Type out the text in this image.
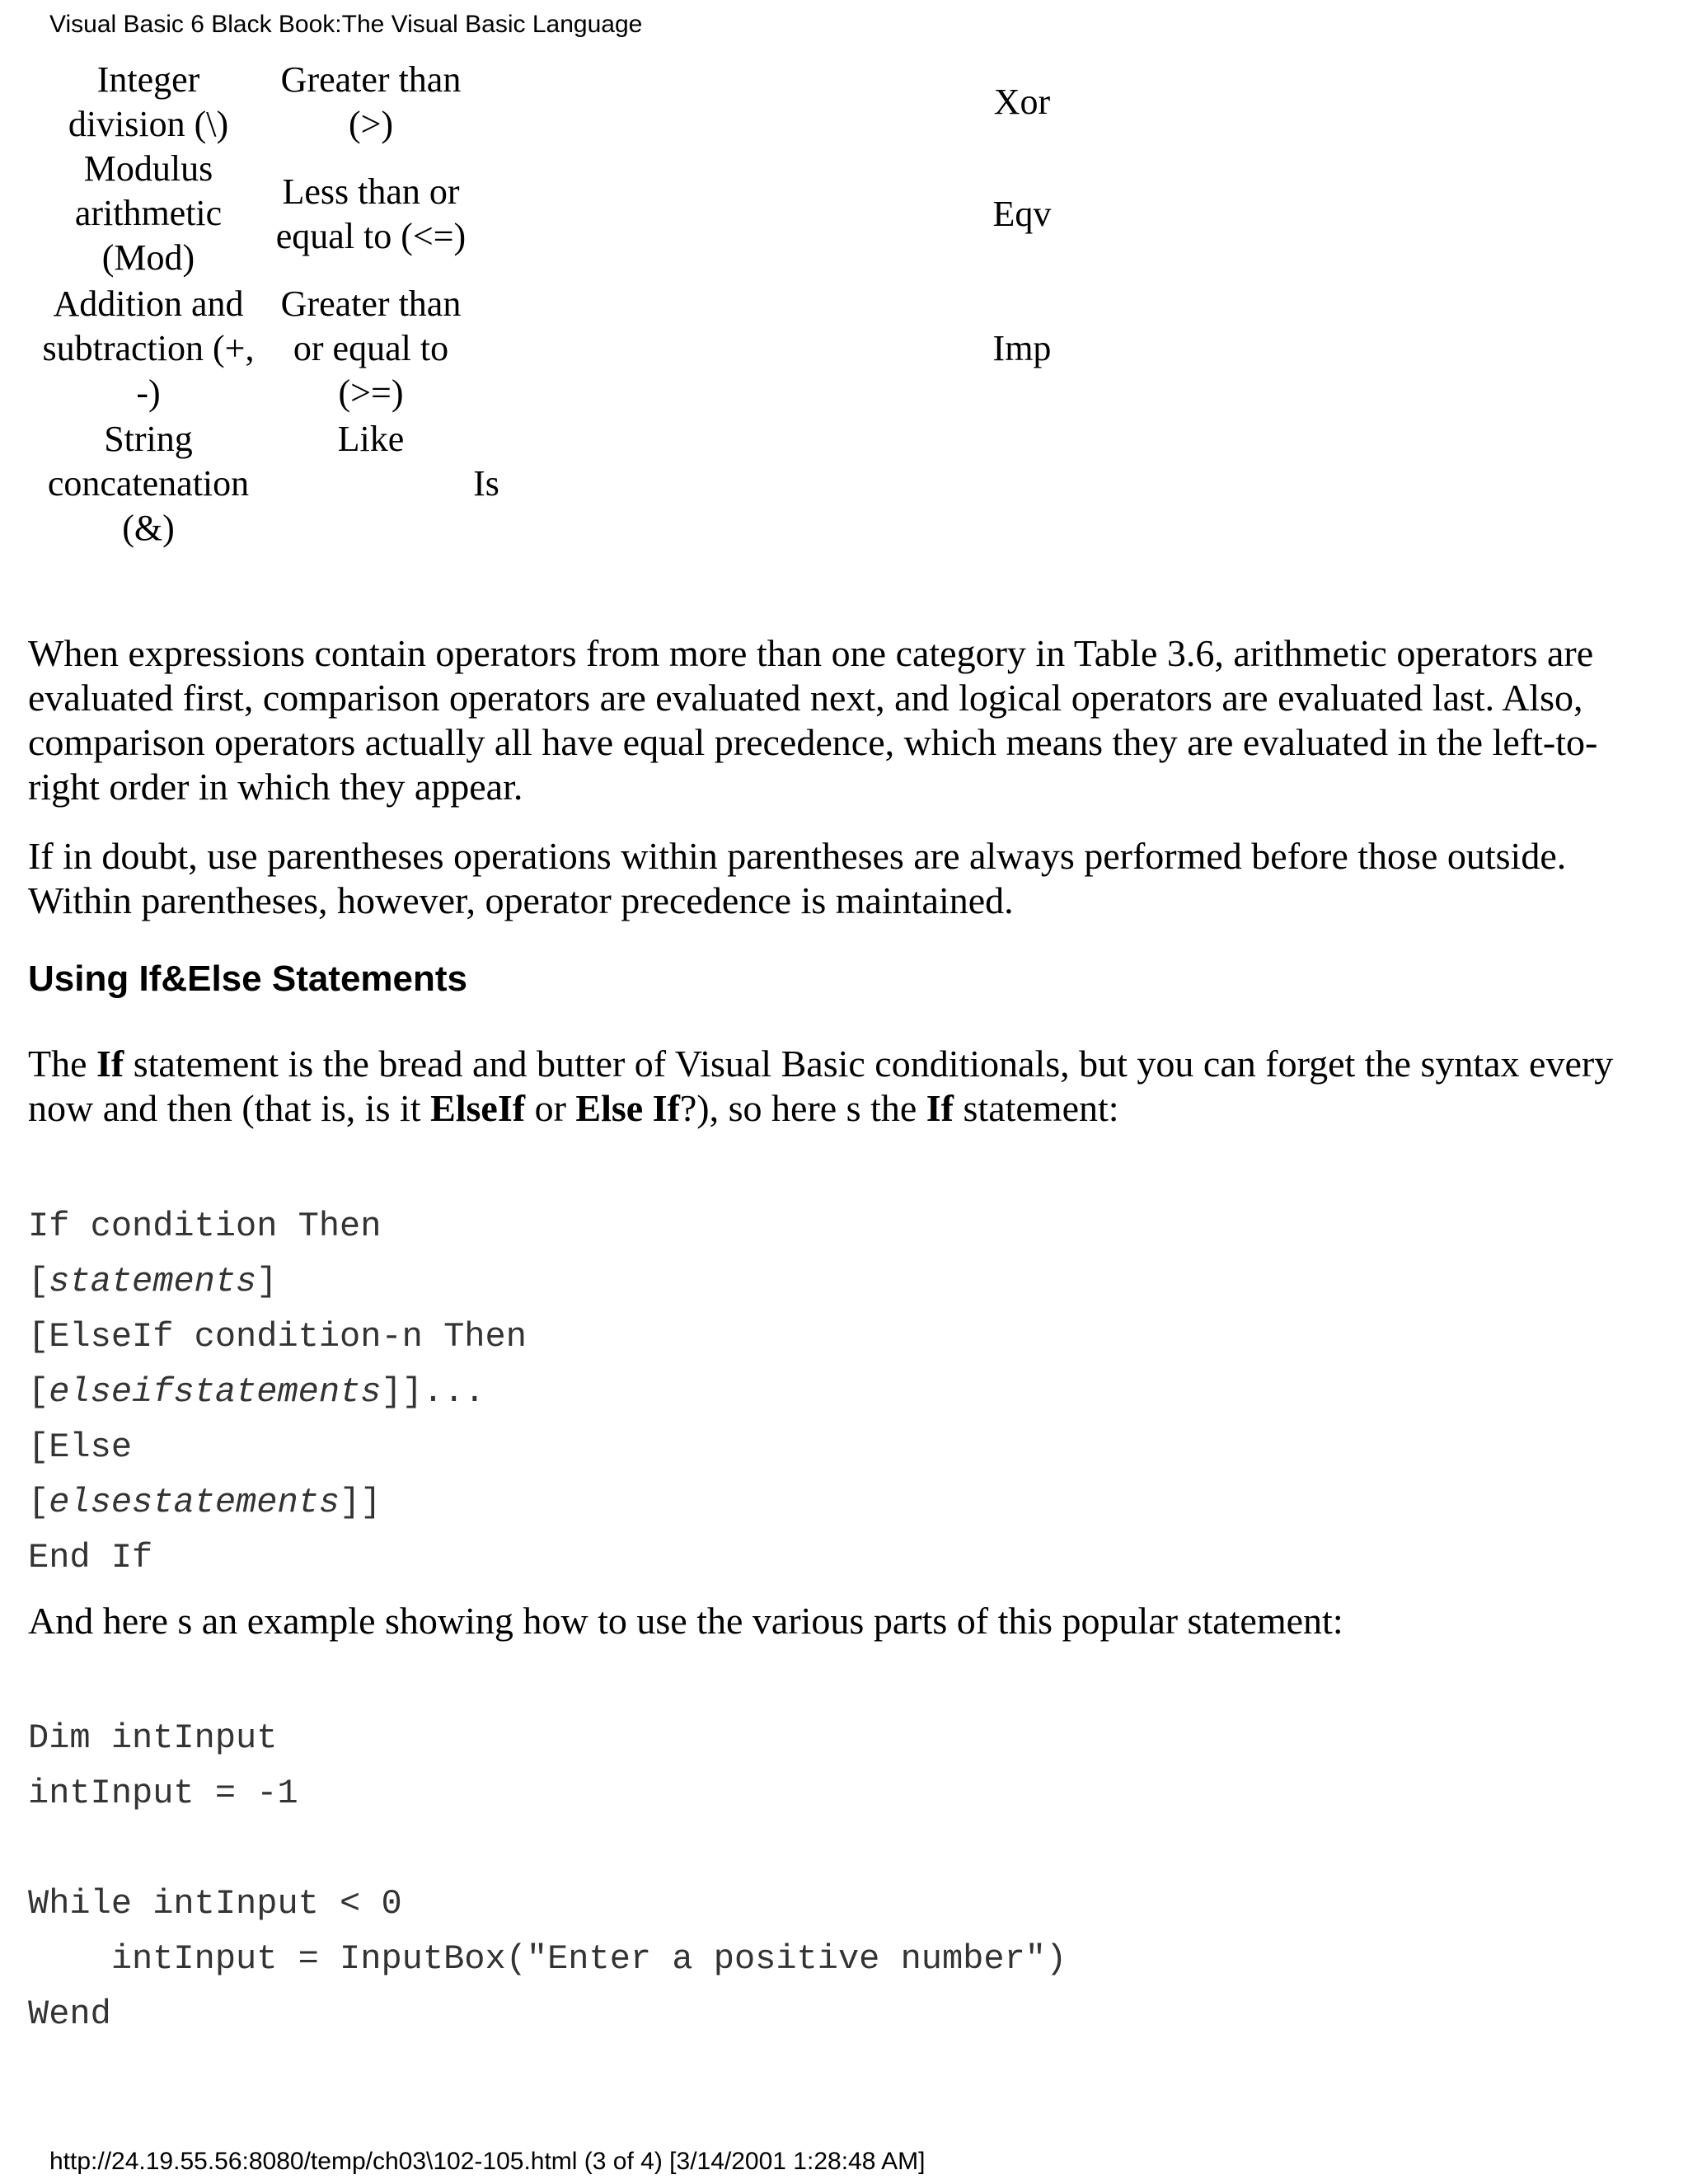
Visual Basic 6 Black Book:The Visual Basic Language
Integer
division (\)
Modulus
arithmetic
(Mod)
Addition and
subtraction (+,
-)
String
concatenation
(&)
Greater than
(>)
Less than or
equal to (<=)
Greater than
or equal to
(>=)
Like
Is
Xor
Eqv
Imp

When expressions contain operators from more than one category in Table 3.6, arithmetic operators are evaluated first, comparison operators are evaluated next, and logical operators are evaluated last. Also, comparison operators actually all have equal precedence, which means they are evaluated in the left-to-right order in which they appear.

If in doubt, use parentheses operations within parentheses are always performed before those outside. Within parentheses, however, operator precedence is maintained.

Using If&Else Statements

The If statement is the bread and butter of Visual Basic conditionals, but you can forget the syntax every now and then (that is, is it ElseIf or Else If?), so here s the If statement:

If condition Then
[statements]
[ElseIf condition-n Then
[elseifstatements]]...
[Else
[elsestatements]]
End If

And here s an example showing how to use the various parts of this popular statement:

Dim intInput
intInput = -1
While intInput < 0
intInput = InputBox("Enter a positive number")
Wend
http://24.19.55.56:8080/temp/ch03\102-105.html (3 of 4) [3/14/2001 1:28:48 AM]
